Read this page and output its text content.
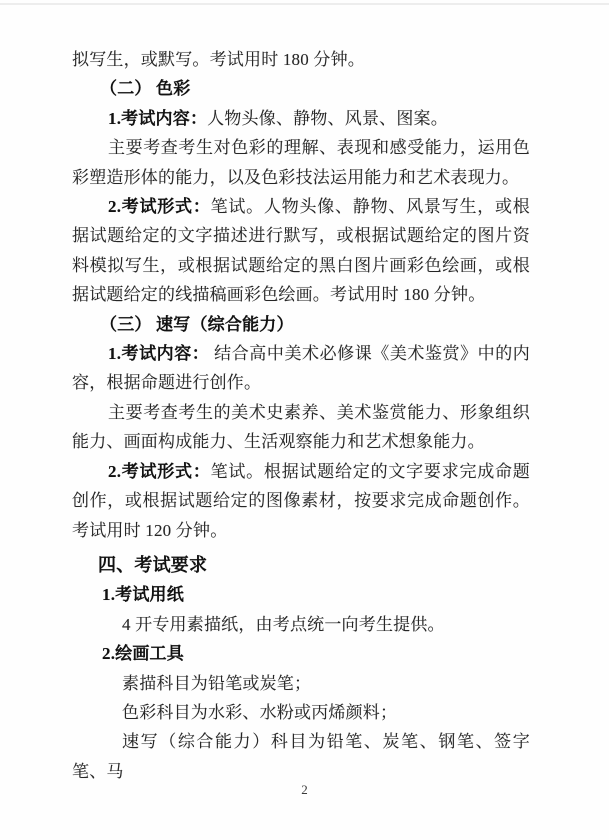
拟写生，或默写。考试用时 180 分钟。

（二） 色彩

1.考试内容：人物头像、静物、风景、图案。

主要考查考生对色彩的理解、表现和感受能力，运用色彩塑造形体的能力，以及色彩技法运用能力和艺术表现力。

2.考试形式：笔试。人物头像、静物、风景写生，或根据试题给定的文字描述进行默写，或根据试题给定的图片资料模拟写生，或根据试题给定的黑白图片画彩色绘画，或根据试题给定的线描稿画彩色绘画。考试用时 180 分钟。

（三） 速写（综合能力）

1.考试内容： 结合高中美术必修课《美术鉴赏》中的内容，根据命题进行创作。

主要考查考生的美术史素养、美术鉴赏能力、形象组织能力、画面构成能力、生活观察能力和艺术想象能力。

2.考试形式：笔试。根据试题给定的文字要求完成命题创作，或根据试题给定的图像素材，按要求完成命题创作。考试用时 120 分钟。

四、考试要求

1.考试用纸

4 开专用素描纸，由考点统一向考生提供。

2.绘画工具

素描科目为铅笔或炭笔；

色彩科目为水彩、水粉或丙烯颜料；

速写（综合能力）科目为铅笔、炭笔、钢笔、签字笔、马

2
